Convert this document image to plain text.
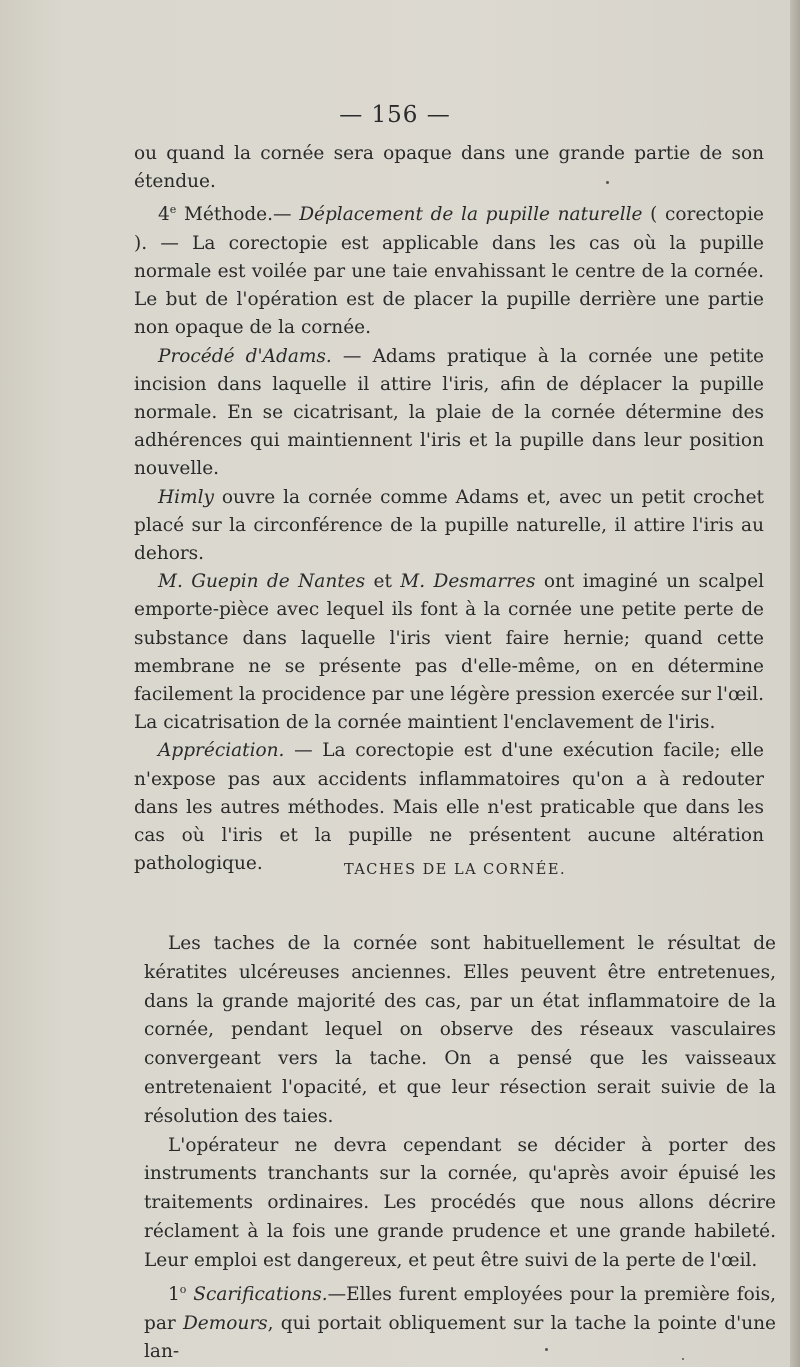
— 156 —

ou quand la cornée sera opaque dans une grande partie de son étendue.

4e Méthode.— Déplacement de la pupille naturelle ( corectopie ). — La corectopie est applicable dans les cas où la pupille normale est voilée par une taie envahissant le centre de la cornée. Le but de l'opération est de placer la pupille derrière une partie non opaque de la cornée.

Procédé d'Adams. — Adams pratique à la cornée une petite incision dans laquelle il attire l'iris, afin de déplacer la pupille normale. En se cicatrisant, la plaie de la cornée détermine des adhérences qui maintiennent l'iris et la pupille dans leur position nouvelle.

Himly ouvre la cornée comme Adams et, avec un petit crochet placé sur la circonférence de la pupille naturelle, il attire l'iris au dehors.

M. Guepin de Nantes et M. Desmarres ont imaginé un scalpel emporte-pièce avec lequel ils font à la cornée une petite perte de substance dans laquelle l'iris vient faire hernie; quand cette membrane ne se présente pas d'elle-même, on en détermine facilement la procidence par une légère pression exercée sur l'œil. La cicatrisation de la cornée maintient l'enclavement de l'iris.

Appréciation. — La corectopie est d'une exécution facile; elle n'expose pas aux accidents inflammatoires qu'on a à redouter dans les autres méthodes. Mais elle n'est praticable que dans les cas où l'iris et la pupille ne présentent aucune altération pathologique.	TACHES DE LA CORNÉE.

Les taches de la cornée sont habituellement le résultat de kératites ulcéreuses anciennes. Elles peuvent être entretenues, dans la grande majorité des cas, par un état inflammatoire de la cornée, pendant lequel on observe des réseaux vasculaires convergeant vers la tache. On a pensé que les vaisseaux entretenaient l'opacité, et que leur résection serait suivie de la résolution des taies.

L'opérateur ne devra cependant se décider à porter des instruments tranchants sur la cornée, qu'après avoir épuisé les traitements ordinaires. Les procédés que nous allons décrire réclament à la fois une grande prudence et une grande habileté. Leur emploi est dangereux, et peut être suivi de la perte de l'œil.

1$^o$ Scarifications.—Elles furent employées pour la première fois, par Demours, qui portait obliquement sur la tache la pointe d'une lan-
